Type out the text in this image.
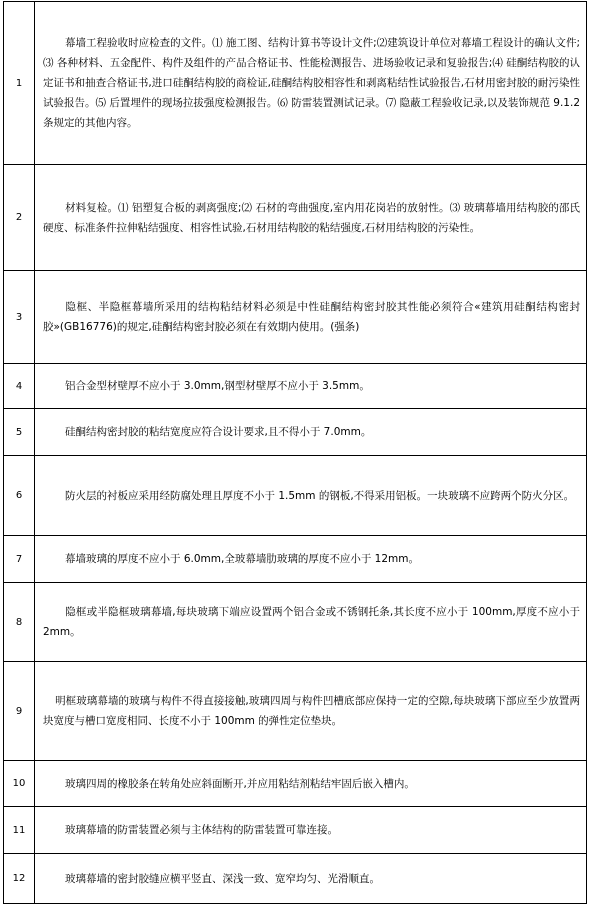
1	幕墙工程验收时应检查的文件。⑴ 施工图、结构计算书等设计文件;⑵建筑设计单位对幕墙工程设计的确认文件; ⑶ 各种材料、五金配件、构件及组件的产品合格证书、性能检测报告、进场验收记录和复验报告;⑷ 硅酮结构胶的认定证书和抽查合格证书,进口硅酮结构胶的商检证,硅酮结构胶相容性和剥离粘结性试验报告,石材用密封胶的耐污染性试验报告。⑸ 后置埋件的现场拉拔强度检测报告。⑹ 防雷装置测试记录。⑺ 隐蔽工程验收记录,以及装饰规范 9.1.2 条规定的其他内容。
2	材料复检。⑴ 铝塑复合板的剥离强度;⑵ 石材的弯曲强度,室内用花岗岩的放射性。⑶ 玻璃幕墙用结构胶的邵氏硬度、标准条件拉伸粘结强度、相容性试验,石材用结构胶的粘结强度,石材用结构胶的污染性。
3	隐框、半隐框幕墙所采用的结构粘结材料必须是中性硅酮结构密封胶其性能必须符合«建筑用硅酮结构密封胶»(GB16776)的规定,硅酮结构密封胶必须在有效期内使用。(强条)
4	铝合金型材壁厚不应小于 3.0mm,钢型材壁厚不应小于 3.5mm。
5	硅酮结构密封胶的粘结宽度应符合设计要求,且不得小于 7.0mm。
6	防火层的衬板应采用经防腐处理且厚度不小于 1.5mm 的钢板,不得采用铝板。一块玻璃不应跨两个防火分区。
7	幕墙玻璃的厚度不应小于 6.0mm,全玻幕墙肋玻璃的厚度不应小于 12mm。
8	隐框或半隐框玻璃幕墙,每块玻璃下端应设置两个铝合金或不锈钢托条,其长度不应小于 100mm,厚度不应小于 2mm。
9	明框玻璃幕墙的玻璃与构件不得直接接触,玻璃四周与构件凹槽底部应保持一定的空隙,每块玻璃下部应至少放置两块宽度与槽口宽度相同、长度不小于 100mm 的弹性定位垫块。
10	玻璃四周的橡胶条在转角处应斜面断开,并应用粘结剂粘结牢固后嵌入槽内。
11	玻璃幕墙的防雷装置必须与主体结构的防雷装置可靠连接。
12	玻璃幕墙的密封胶缝应横平竖直、深浅一致、宽窄均匀、光滑顺直。
